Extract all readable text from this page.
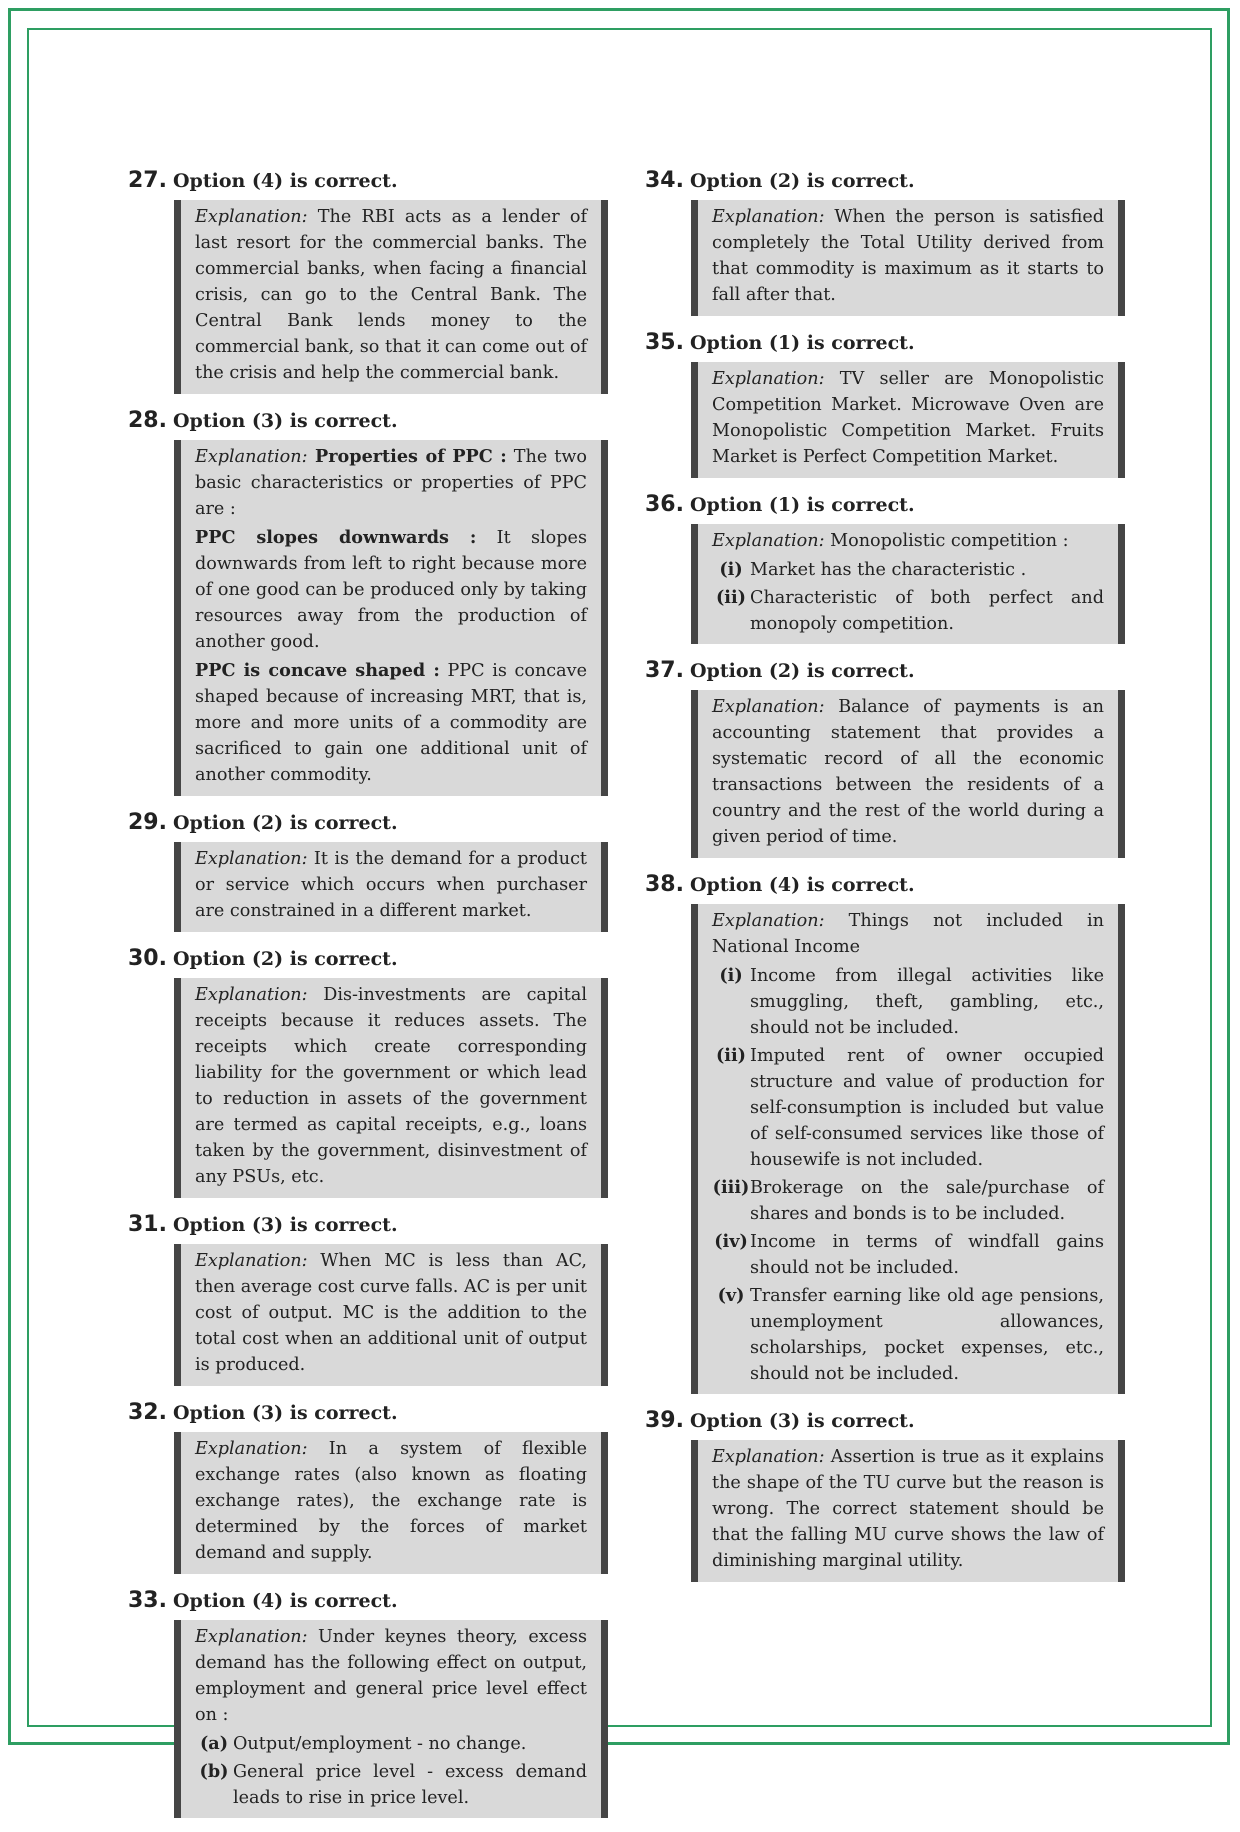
27. Option (4) is correct.

Explanation: The RBI acts as a lender of last resort for the commercial banks. The commercial banks, when facing a financial crisis, can go to the Central Bank. The Central Bank lends money to the commercial bank, so that it can come out of the crisis and help the commercial bank.

28. Option (3) is correct.

Explanation: Properties of PPC : The two basic characteristics or properties of PPC are :

PPC slopes downwards : It slopes downwards from left to right because more of one good can be produced only by taking resources away from the production of another good.

PPC is concave shaped : PPC is concave shaped because of increasing MRT, that is, more and more units of a commodity are sacrificed to gain one additional unit of another commodity.

29. Option (2) is correct.

Explanation: It is the demand for a product or service which occurs when purchaser are constrained in a different market.

30. Option (2) is correct.

Explanation: Dis-investments are capital receipts because it reduces assets. The receipts which create corresponding liability for the government or which lead to reduction in assets of the government are termed as capital receipts, e.g., loans taken by the government, disinvestment of any PSUs, etc.

31. Option (3) is correct.

Explanation: When MC is less than AC, then average cost curve falls. AC is per unit cost of output. MC is the addition to the total cost when an additional unit of output is produced.

32. Option (3) is correct.

Explanation: In a system of flexible exchange rates (also known as floating exchange rates), the exchange rate is determined by the forces of market demand and supply.

33. Option (4) is correct.

Explanation: Under keynes theory, excess demand has the following effect on output, employment and general price level effect on :

(a) Output/employment - no change.
(b) General price level - excess demand leads to rise in price level.
34. Option (2) is correct.

Explanation: When the person is satisfied completely the Total Utility derived from that commodity is maximum as it starts to fall after that.

35. Option (1) is correct.

Explanation: TV seller are Monopolistic Competition Market. Microwave Oven are Monopolistic Competition Market. Fruits Market is Perfect Competition Market.

36. Option (1) is correct.

Explanation: Monopolistic competition :

(i) Market has the characteristic .
(ii) Characteristic of both perfect and monopoly competition.
37. Option (2) is correct.

Explanation: Balance of payments is an accounting statement that provides a systematic record of all the economic transactions between the residents of a country and the rest of the world during a given period of time.

38. Option (4) is correct.

Explanation: Things not included in National Income

(i) Income from illegal activities like smuggling, theft, gambling, etc., should not be included.
(ii) Imputed rent of owner occupied structure and value of production for self-consumption is included but value of self-consumed services like those of housewife is not included.
(iii) Brokerage on the sale/purchase of shares and bonds is to be included.
(iv) Income in terms of windfall gains should not be included.
(v) Transfer earning like old age pensions, unemployment allowances, scholarships, pocket expenses, etc., should not be included.
39. Option (3) is correct.

Explanation: Assertion is true as it explains the shape of the TU curve but the reason is wrong. The correct statement should be that the falling MU curve shows the law of diminishing marginal utility.
